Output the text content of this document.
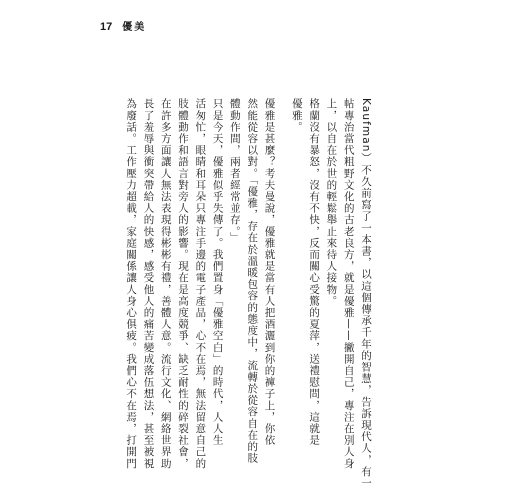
17 優美

Kaufman）不久前寫了一本書，以這個傳承千年的智慧，告訴現代人，有一

帖專治當代粗野文化的古老良方，就是優雅——撇開自己，專注在別人身

上，以自在於世的輕鬆舉止來待人接物。

格蘭沒有暴怒，沒有不快，反而關心受驚的夏萍，送禮慰問，這就是

優雅。

優雅是甚麼？考夫曼說，優雅就是當有人把酒灑到你的褲子上，你依

然能從容以對。「優雅，存在於溫暖包容的態度中，流轉於從容自在的肢

體動作間，兩者經常並存。」

只是今天，優雅似乎失傳了。我們置身「優雅空白」的時代，人人生

活匆忙，眼睛和耳朵只專注手邊的電子產品，心不在焉，無法留意自己的

肢體動作和語言對旁人的影響。現在是高度競爭、缺乏耐性的碎裂社會，

在許多方面讓人無法表現得彬彬有禮，善體人意。流行文化、網絡世界助

長了羞辱與衝突帶給人的快感，感受他人的痛苦變成落伍想法，甚至被視

為廢話。工作壓力超載，家庭關係讓人身心俱疲。我們心不在焉，打開門
